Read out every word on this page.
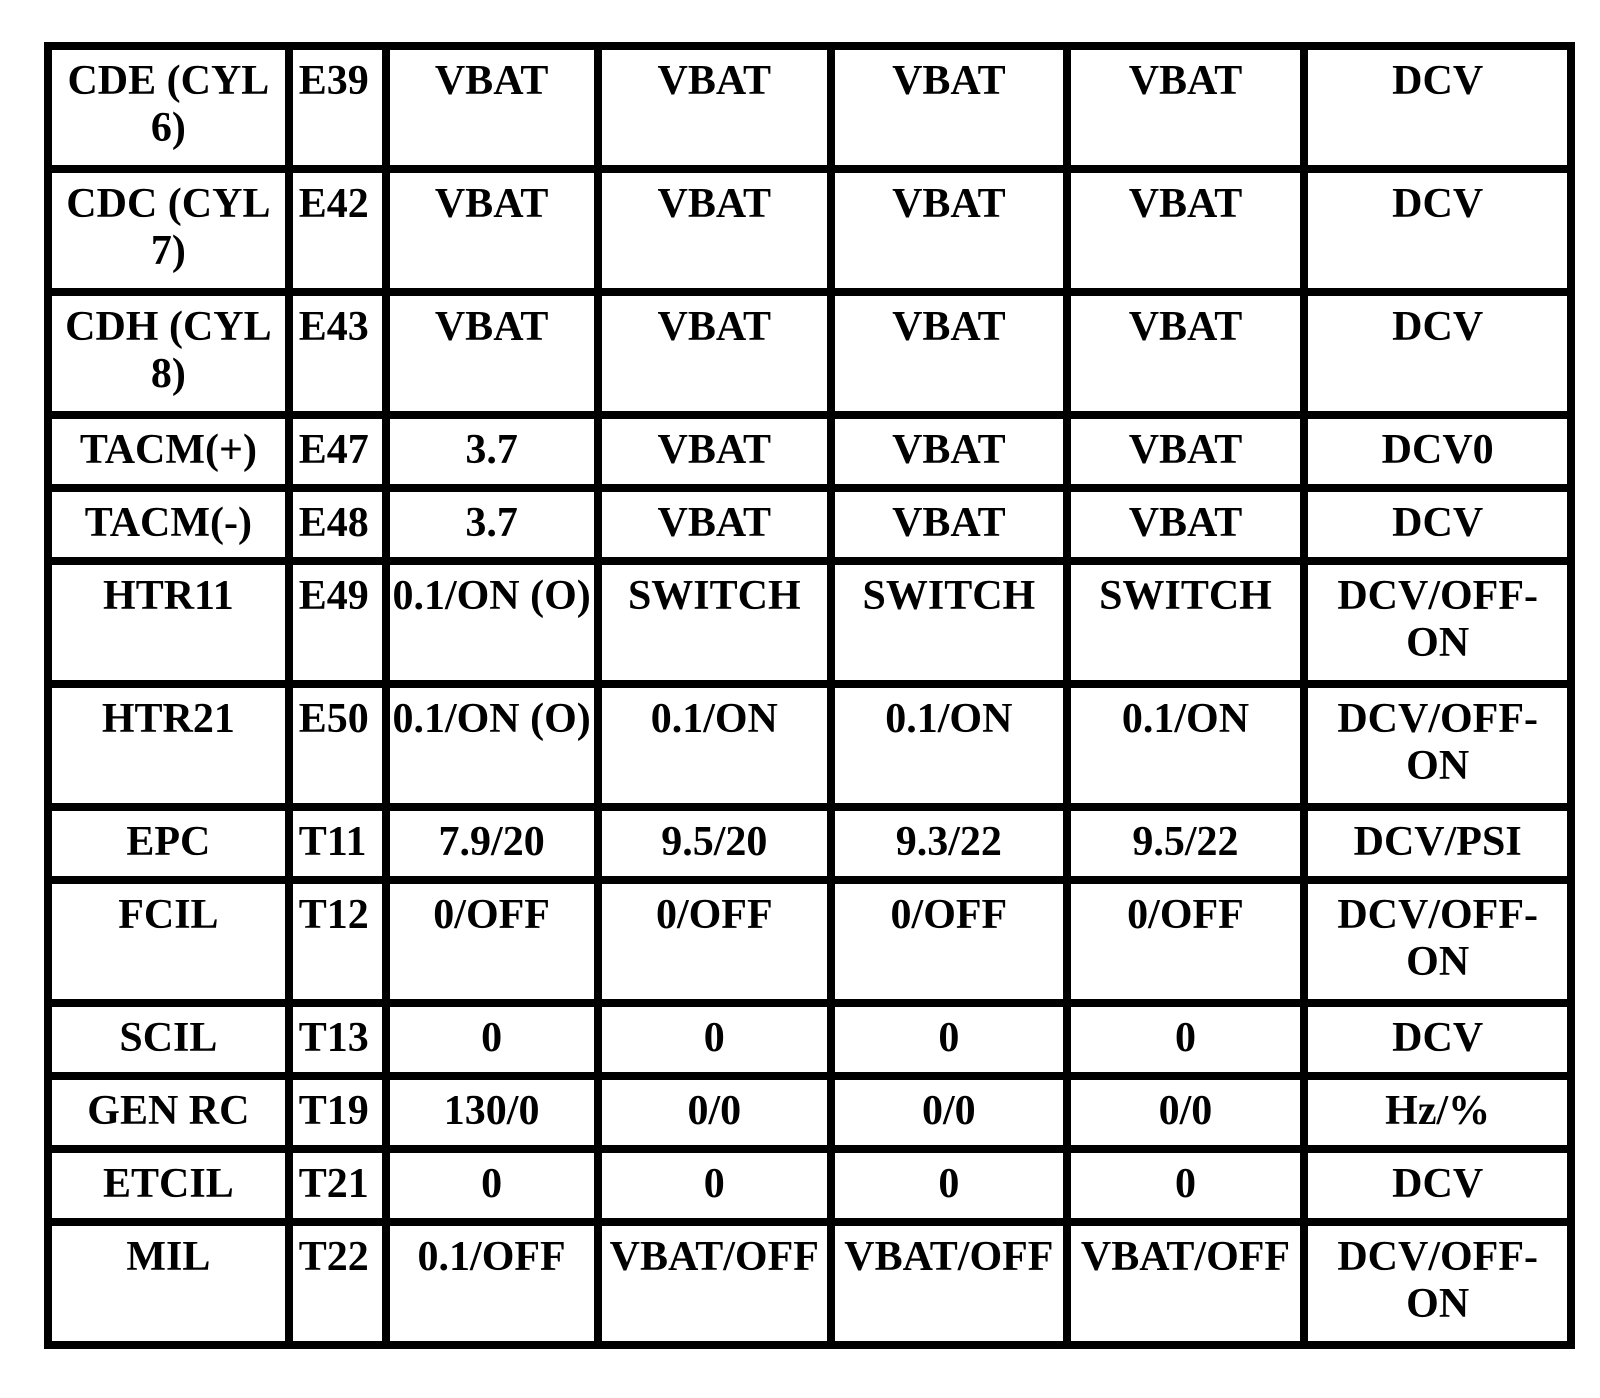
CDE (CYL 6)	E39	VBAT	VBAT	VBAT	VBAT	DCV
CDC (CYL 7)	E42	VBAT	VBAT	VBAT	VBAT	DCV
CDH (CYL 8)	E43	VBAT	VBAT	VBAT	VBAT	DCV
TACM(+)	E47	3.7	VBAT	VBAT	VBAT	DCV0
TACM(-)	E48	3.7	VBAT	VBAT	VBAT	DCV
HTR11	E49	0.1/ON (O)	SWITCH	SWITCH	SWITCH	DCV/OFF-ON
HTR21	E50	0.1/ON (O)	0.1/ON	0.1/ON	0.1/ON	DCV/OFF-ON
EPC	T11	7.9/20	9.5/20	9.3/22	9.5/22	DCV/PSI
FCIL	T12	0/OFF	0/OFF	0/OFF	0/OFF	DCV/OFF-ON
SCIL	T13	0	0	0	0	DCV
GEN RC	T19	130/0	0/0	0/0	0/0	Hz/%
ETCIL	T21	0	0	0	0	DCV
MIL	T22	0.1/OFF	VBAT/OFF	VBAT/OFF	VBAT/OFF	DCV/OFF-ON
